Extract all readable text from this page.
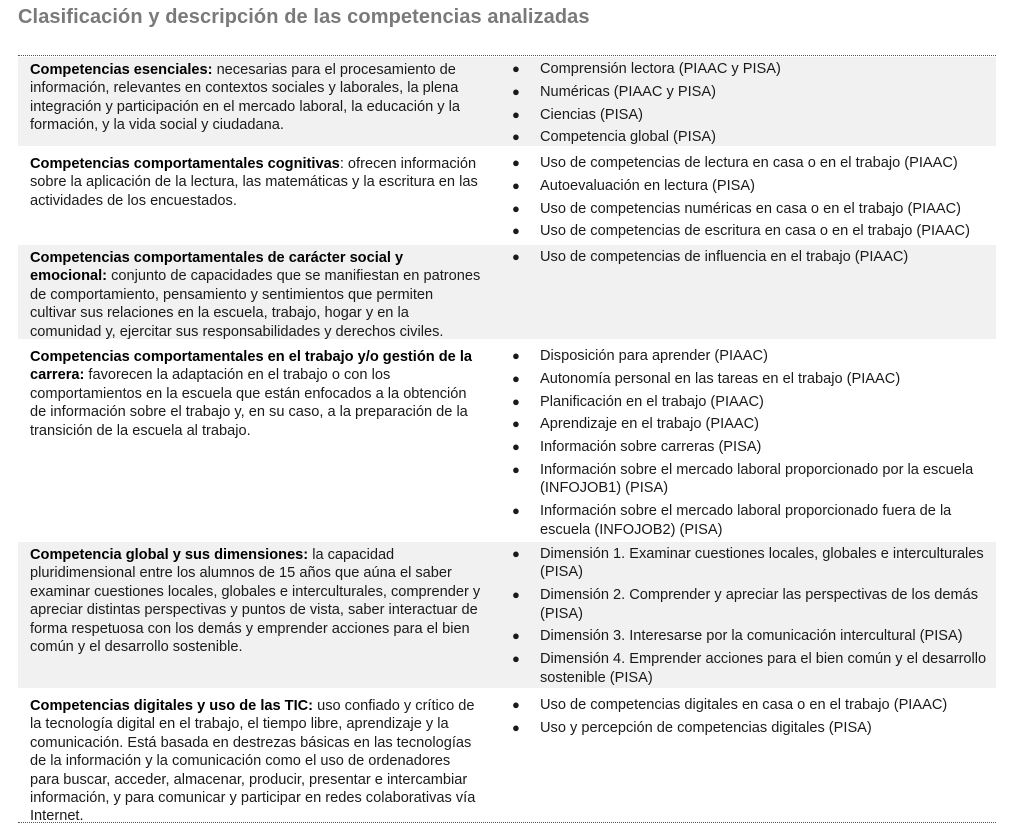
Clasificación y descripción de las competencias analizadas
Competencias esenciales: necesarias para el procesamiento de información, relevantes en contextos sociales y laborales, la plena integración y participación en el mercado laboral, la educación y la formación, y la vida social y ciudadana.
● Comprensión lectora (PIAAC y PISA)
● Numéricas (PIAAC y PISA)
● Ciencias (PISA)
● Competencia global (PISA)
Competencias comportamentales cognitivas: ofrecen información sobre la aplicación de la lectura, las matemáticas y la escritura en las actividades de los encuestados.
● Uso de competencias de lectura en casa o en el trabajo (PIAAC)
● Autoevaluación en lectura (PISA)
● Uso de competencias numéricas en casa o en el trabajo (PIAAC)
● Uso de competencias de escritura en casa o en el trabajo (PIAAC)
Competencias comportamentales de carácter social y emocional: conjunto de capacidades que se manifiestan en patrones de comportamiento, pensamiento y sentimientos que permiten cultivar sus relaciones en la escuela, trabajo, hogar y en la comunidad y, ejercitar sus responsabilidades y derechos civiles.
● Uso de competencias de influencia en el trabajo (PIAAC)
Competencias comportamentales en el trabajo y/o gestión de la carrera: favorecen la adaptación en el trabajo o con los comportamientos en la escuela que están enfocados a la obtención de información sobre el trabajo y, en su caso, a la preparación de la transición de la escuela al trabajo.
● Disposición para aprender (PIAAC)
● Autonomía personal en las tareas en el trabajo (PIAAC)
● Planificación en el trabajo (PIAAC)
● Aprendizaje en el trabajo (PIAAC)
● Información sobre carreras (PISA)
● Información sobre el mercado laboral proporcionado por la escuela (INFOJOB1) (PISA)
● Información sobre el mercado laboral proporcionado fuera de la escuela (INFOJOB2) (PISA)
Competencia global y sus dimensiones: la capacidad pluridimensional entre los alumnos de 15 años que aúna el saber examinar cuestiones locales, globales e interculturales, comprender y apreciar distintas perspectivas y puntos de vista, saber interactuar de forma respetuosa con los demás y emprender acciones para el bien común y el desarrollo sostenible.
● Dimensión 1. Examinar cuestiones locales, globales e interculturales (PISA)
● Dimensión 2. Comprender y apreciar las perspectivas de los demás (PISA)
● Dimensión 3. Interesarse por la comunicación intercultural (PISA)
● Dimensión 4. Emprender acciones para el bien común y el desarrollo sostenible (PISA)
Competencias digitales y uso de las TIC: uso confiado y crítico de la tecnología digital en el trabajo, el tiempo libre, aprendizaje y la comunicación. Está basada en destrezas básicas en las tecnologías de la información y la comunicación como el uso de ordenadores para buscar, acceder, almacenar, producir, presentar e intercambiar información, y para comunicar y participar en redes colaborativas vía Internet.
● Uso de competencias digitales en casa o en el trabajo (PIAAC)
● Uso y percepción de competencias digitales (PISA)
